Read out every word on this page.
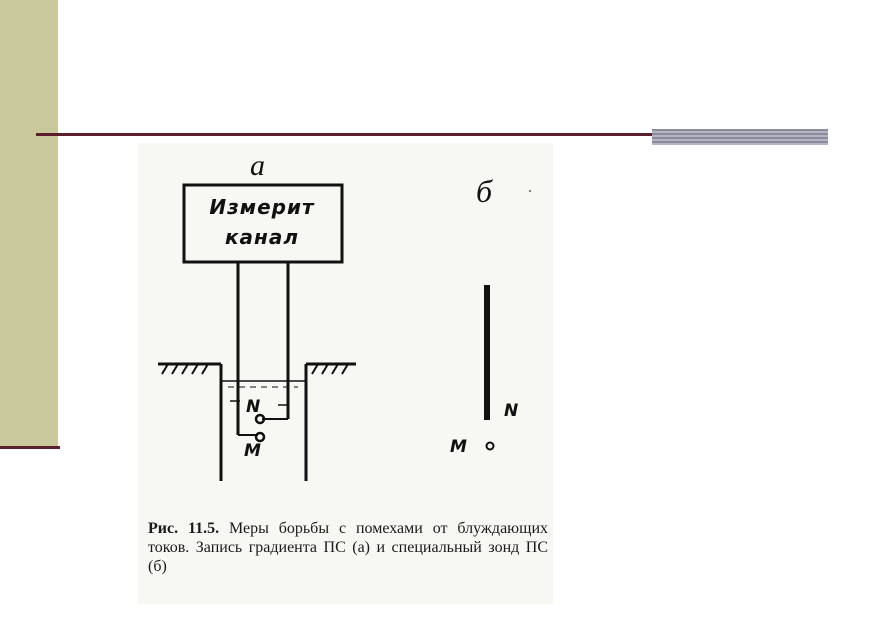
а
б
Измерит
канал
N
M
N
M
Рис. 11.5. Меры борьбы с помехами от блуждающих токов. Запись градиента ПС (а) и специальный зонд ПС (б)
